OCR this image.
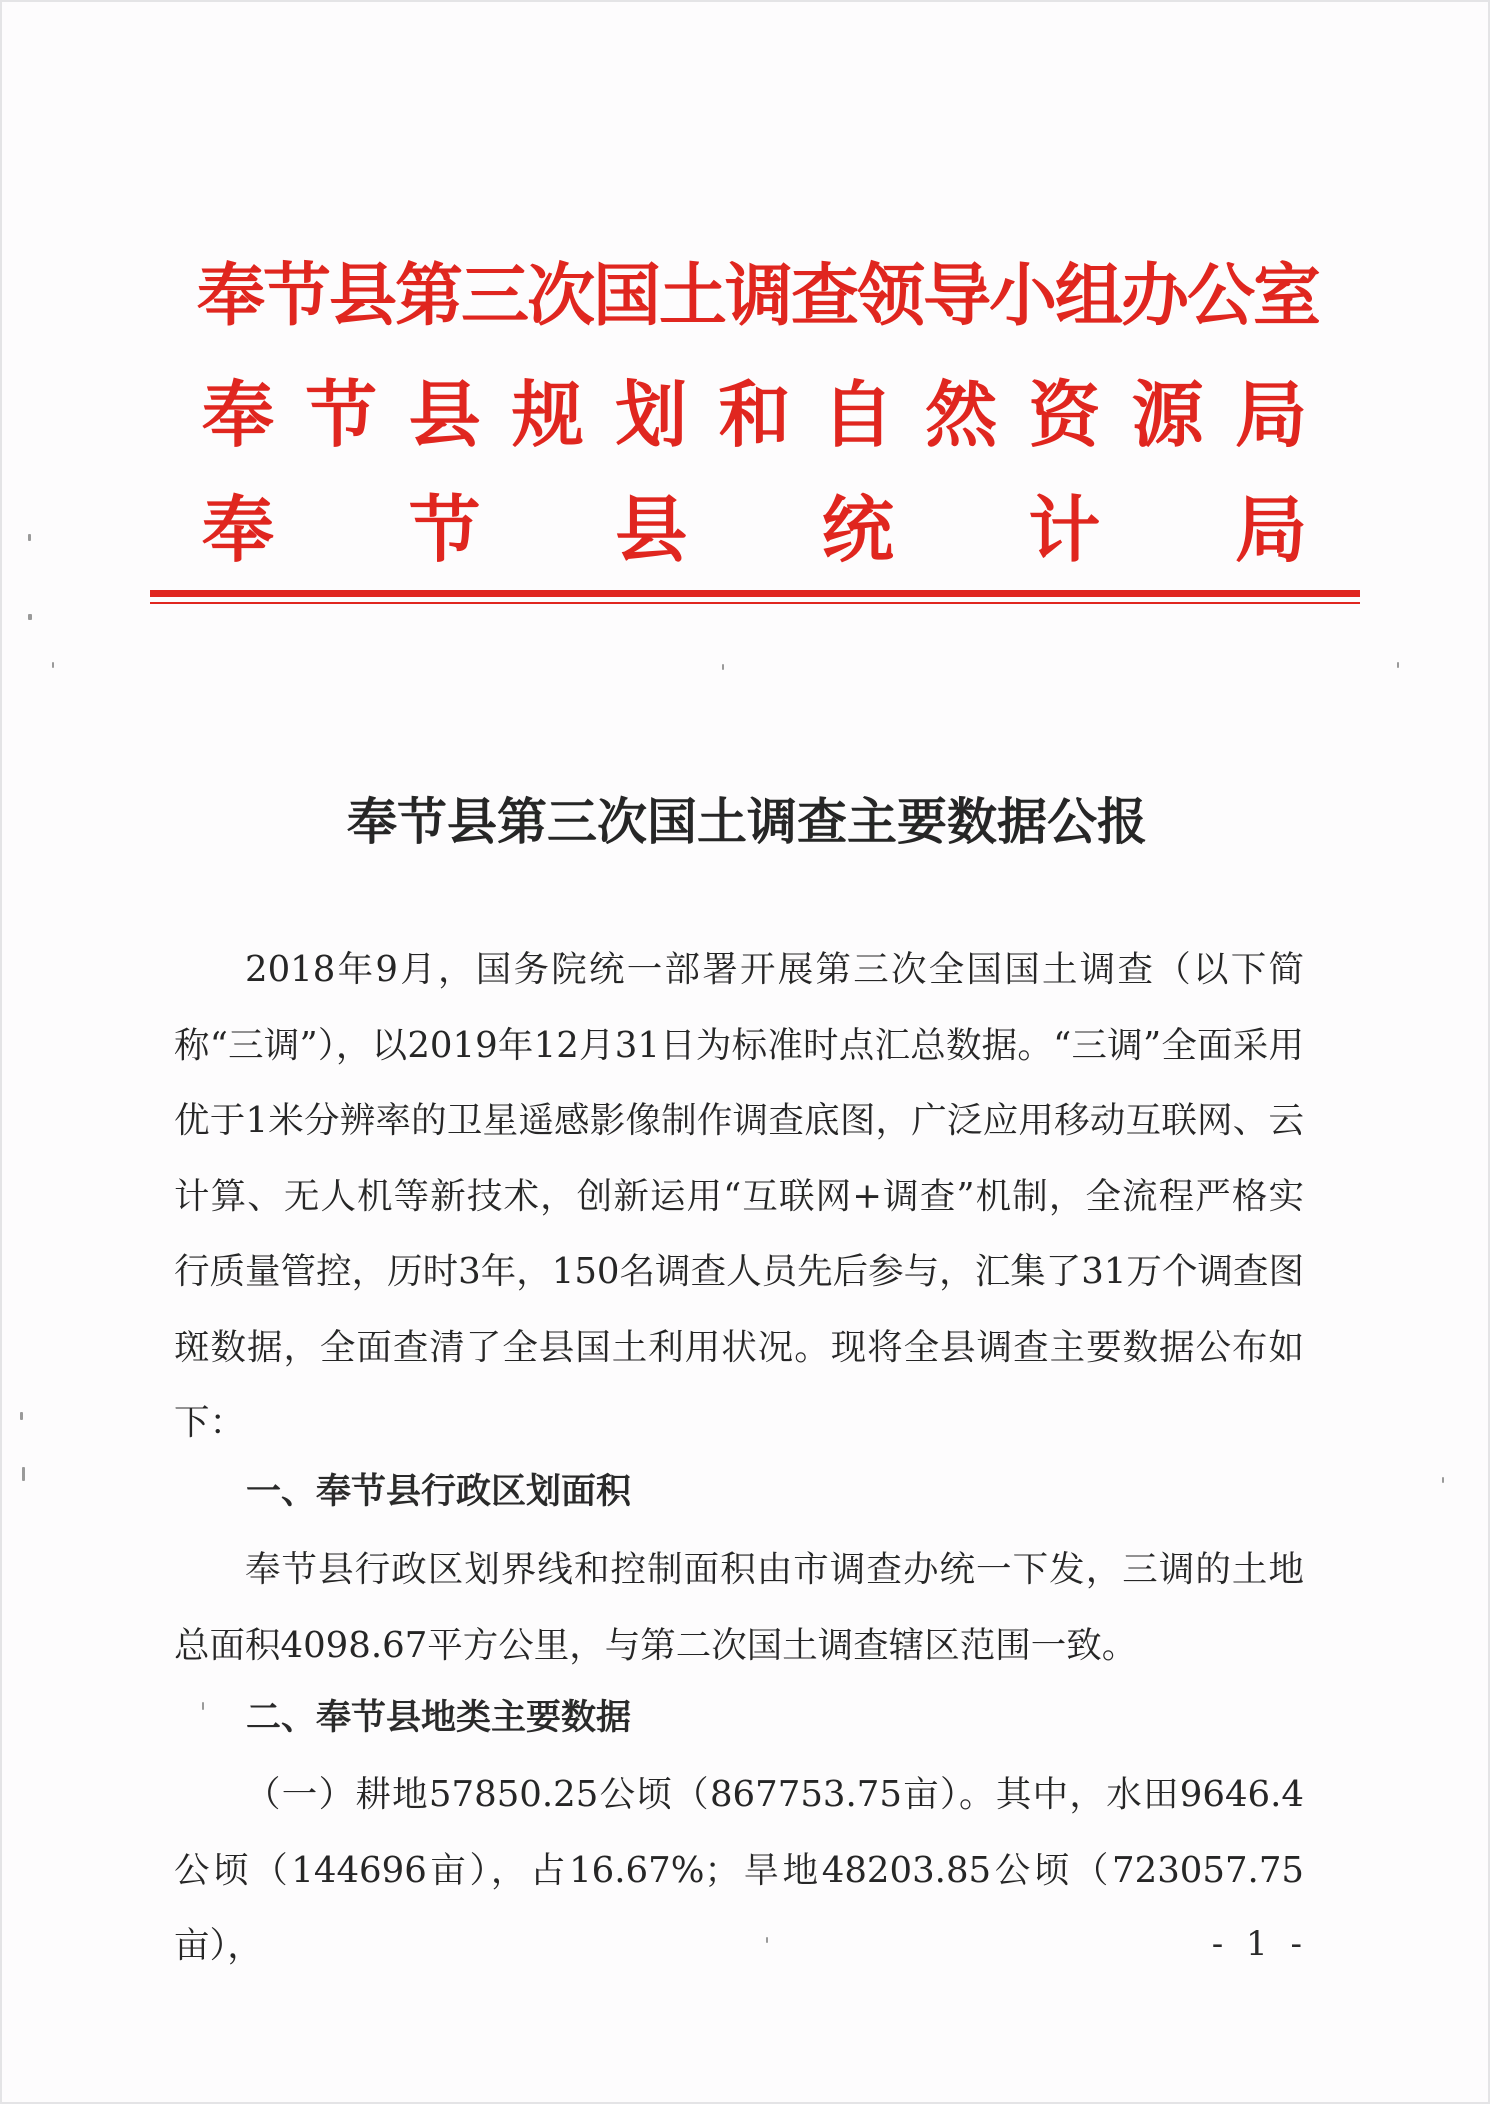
奉节县第三次国土调查领导小组办公室
奉 节 县 规 划 和 自 然 资 源 局
奉 节 县 统 计 局
奉节县第三次国土调查主要数据公报

2018年9月，国务院统一部署开展第三次全国国土调查（以下简称“三调”），以2019年12月31日为标准时点汇总数据。“三调”全面采用优于1米分辨率的卫星遥感影像制作调查底图，广泛应用移动互联网、云计算、无人机等新技术，创新运用“互联网+调查”机制，全流程严格实行质量管控，历时3年，150名调查人员先后参与，汇集了31万个调查图斑数据，全面查清了全县国土利用状况。现将全县调查主要数据公布如下：

一、奉节县行政区划面积

奉节县行政区划界线和控制面积由市调查办统一下发，三调的土地总面积4098.67平方公里，与第二次国土调查辖区范围一致。

二、奉节县地类主要数据

（一）耕地57850.25公顷（867753.75亩）。其中，水田9646.4公顷（144696亩），占16.67%；旱地48203.85公顷（723057.75亩），	- 1 -
